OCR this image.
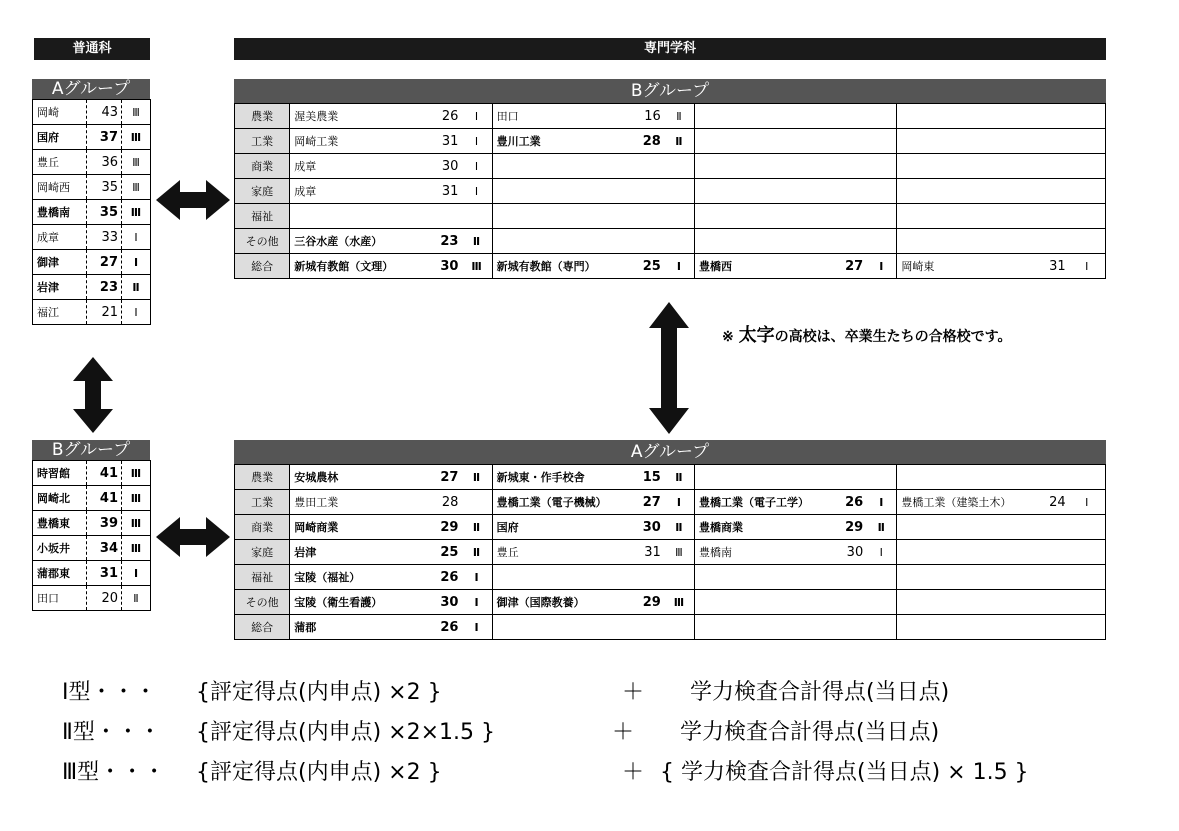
普通科	専門学科
Aグループ
岡崎	43	Ⅲ
国府	37	Ⅲ
豊丘	36	Ⅲ
岡崎西	35	Ⅲ
豊橋南	35	Ⅲ
成章	33	Ⅰ
御津	27	Ⅰ
岩津	23	Ⅱ
福江	21	Ⅰ
Bグループ
時習館	41	Ⅲ
岡崎北	41	Ⅲ
豊橋東	39	Ⅲ
小坂井	34	Ⅲ
蒲郡東	31	Ⅰ
田口	20	Ⅱ
Bグループ
農業	渥美農業	26	Ⅰ	田口	16	Ⅱ						
工業	岡崎工業	31	Ⅰ	豊川工業	28	Ⅱ						
商業	成章	30	Ⅰ									
家庭	成章	31	Ⅰ									
福祉												
その他	三谷水産（水産）	23	Ⅱ									
総合	新城有教館（文理）	30	Ⅲ	新城有教館（専門）	25	Ⅰ	豊橋西	27	Ⅰ	岡崎東	31	Ⅰ
Aグループ
農業	安城農林	27	Ⅱ	新城東・作手校舎	15	Ⅱ						
工業	豊田工業	28		豊橋工業（電子機械）	27	Ⅰ	豊橋工業（電子工学）	26	Ⅰ	豊橋工業（建築土木）	24	Ⅰ
商業	岡崎商業	29	Ⅱ	国府	30	Ⅱ	豊橋商業	29	Ⅱ			
家庭	岩津	25	Ⅱ	豊丘	31	Ⅲ	豊橋南	30	Ⅰ			
福祉	宝陵（福祉）	26	Ⅰ									
その他	宝陵（衛生看護）	30	Ⅰ	御津（国際教養）	29	Ⅲ						
総合	蒲郡	26	Ⅰ									
※ 太字の高校は、卒業生たちの合格校です。
Ⅰ型・・・ {評定得点(内申点) ×2 }	＋ 学力検査合計得点(当日点)
Ⅱ型・・・ {評定得点(内申点) ×2×1.5 }	＋ 学力検査合計得点(当日点)
Ⅲ型・・・ {評定得点(内申点) ×2 }	＋ { 学力検査合計得点(当日点) × 1.5 }
